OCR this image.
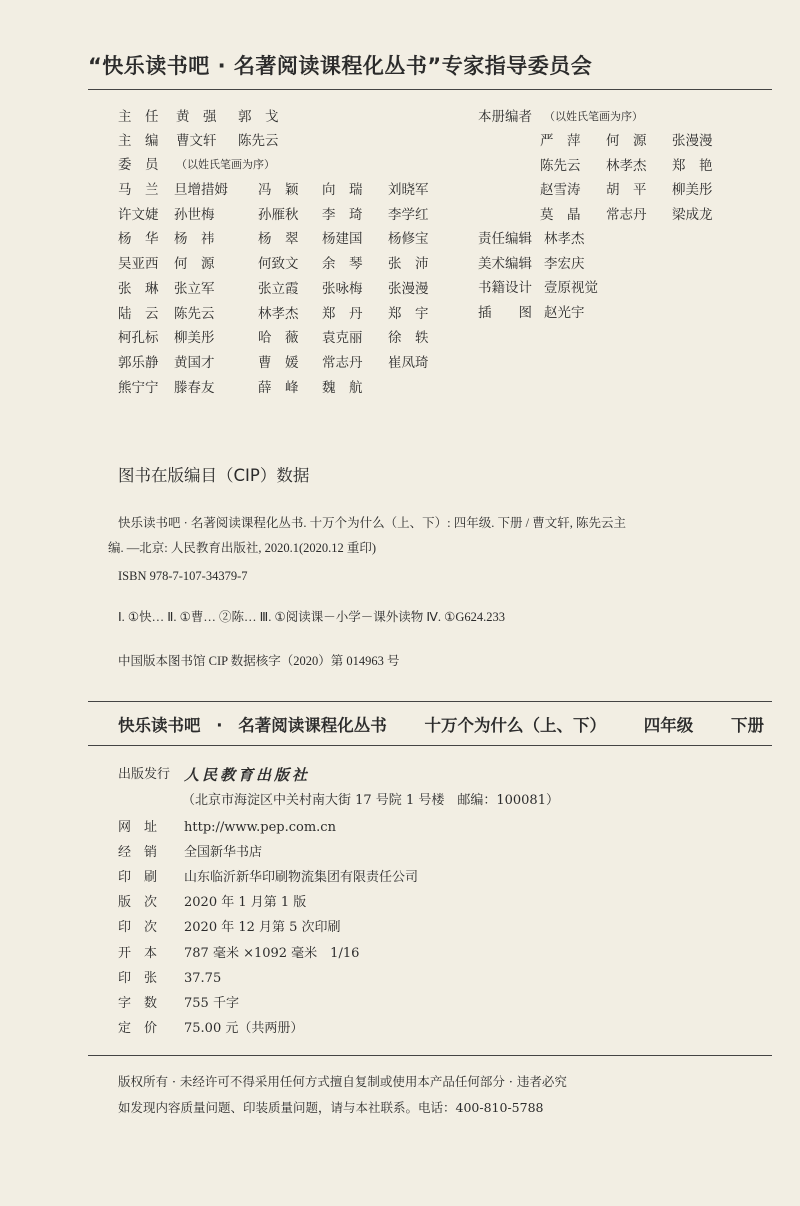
“快乐读书吧 · 名著阅读课程化丛书”专家指导委员会
主　任 黄　强 郭　戈
主　编 曹文轩 陈先云
委　员 （以姓氏笔画为序）
马　兰 旦增措姆 冯　颖 向　瑞 刘晓军
许文婕 孙世梅	孙雁秋 李　琦 李学红
杨　华 杨　祎	杨　翠 杨建国 杨修宝
吴亚西 何　源	何致文 余　琴 张　沛
张　琳 张立军	张立霞 张咏梅 张漫漫
陆　云 陈先云	林孝杰 郑　丹 郑　宇
柯孔标 柳美彤	哈　薇 袁克丽 徐　轶
郭乐静 黄国才	曹　媛 常志丹 崔凤琦
熊宁宁 滕春友	薛　峰 魏　航
本册编者 （以姓氏笔画为序）
严　萍 何　源 张漫漫
陈先云 林孝杰 郑　艳
赵雪涛 胡　平 柳美彤
莫　晶 常志丹 梁成龙
责任编辑 林孝杰
美术编辑 李宏庆
书籍设计 壹原视觉
插　　图 赵光宇
图书在版编目（CIP）数据
快乐读书吧 · 名著阅读课程化丛书. 十万个为什么（上、下）: 四年级. 下册 / 曹文轩, 陈先云主
编. —北京: 人民教育出版社, 2020.1(2020.12 重印)
ISBN 978-7-107-34379-7
Ⅰ. ①快… Ⅱ. ①曹… ②陈… Ⅲ. ①阅读课－小学－课外读物 Ⅳ. ①G624.233
中国版本图书馆 CIP 数据核字（2020）第 014963 号
快乐读书吧 · 名著阅读课程化丛书 十万个为什么（上、下） 四年级 下册
出版发行 人民教育出版社
（北京市海淀区中关村南大街 17 号院 1 号楼　邮编：100081）
网　址 http://www.pep.com.cn
经　销 全国新华书店
印　刷 山东临沂新华印刷物流集团有限责任公司
版　次 2020 年 1 月第 1 版
印　次 2020 年 12 月第 5 次印刷
开　本 787 毫米 ×1092 毫米　1/16
印　张 37.75
字　数 755 千字
定　价 75.00 元（共两册）
版权所有 · 未经许可不得采用任何方式擅自复制或使用本产品任何部分 · 违者必究
如发现内容质量问题、印装质量问题，请与本社联系。电话：400-810-5788
